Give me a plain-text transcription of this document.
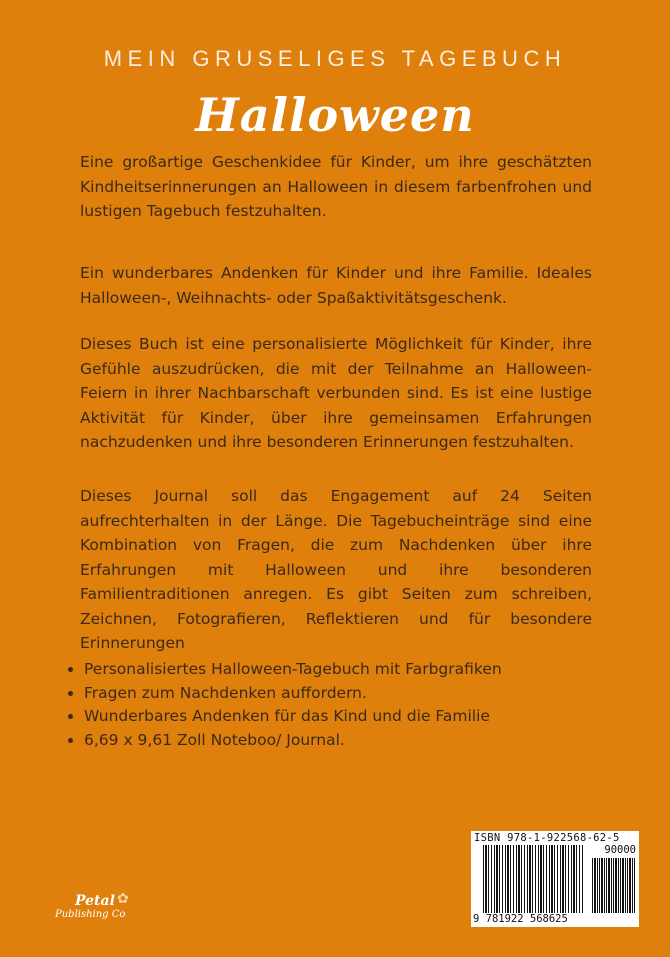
MEIN GRUSELIGES TAGEBUCH
Halloween
Eine großartige Geschenkidee für Kinder, um ihre geschätzten Kindheitserinnerungen an Halloween in diesem farbenfrohen und lustigen Tagebuch festzuhalten.
Ein wunderbares Andenken für Kinder und ihre Familie. Ideales Halloween-, Weihnachts- oder Spaßaktivitätsgeschenk.
Dieses Buch ist eine personalisierte Möglichkeit für Kinder, ihre Gefühle auszudrücken, die mit der Teilnahme an Halloween-Feiern in ihrer Nachbarschaft verbunden sind. Es ist eine lustige Aktivität für Kinder, über ihre gemeinsamen Erfahrungen nachzudenken und ihre besonderen Erinnerungen festzuhalten.
Dieses Journal soll das Engagement auf 24 Seiten aufrechterhalten in der Länge. Die Tagebucheinträge sind eine Kombination von Fragen, die zum Nachdenken über ihre Erfahrungen mit Halloween und ihre besonderen Familientraditionen anregen. Es gibt Seiten zum schreiben, Zeichnen, Fotografieren, Reflektieren und für besondere Erinnerungen
• Personalisiertes Halloween-Tagebuch mit Farbgrafiken
• Fragen zum Nachdenken auffordern.
• Wunderbares Andenken für das Kind und die Familie
• 6,69 x 9,61 Zoll Noteboo/ Journal.
✿
Petal
Publishing Co
ISBN 978-1-922568-62-5
90000
9 781922 568625
